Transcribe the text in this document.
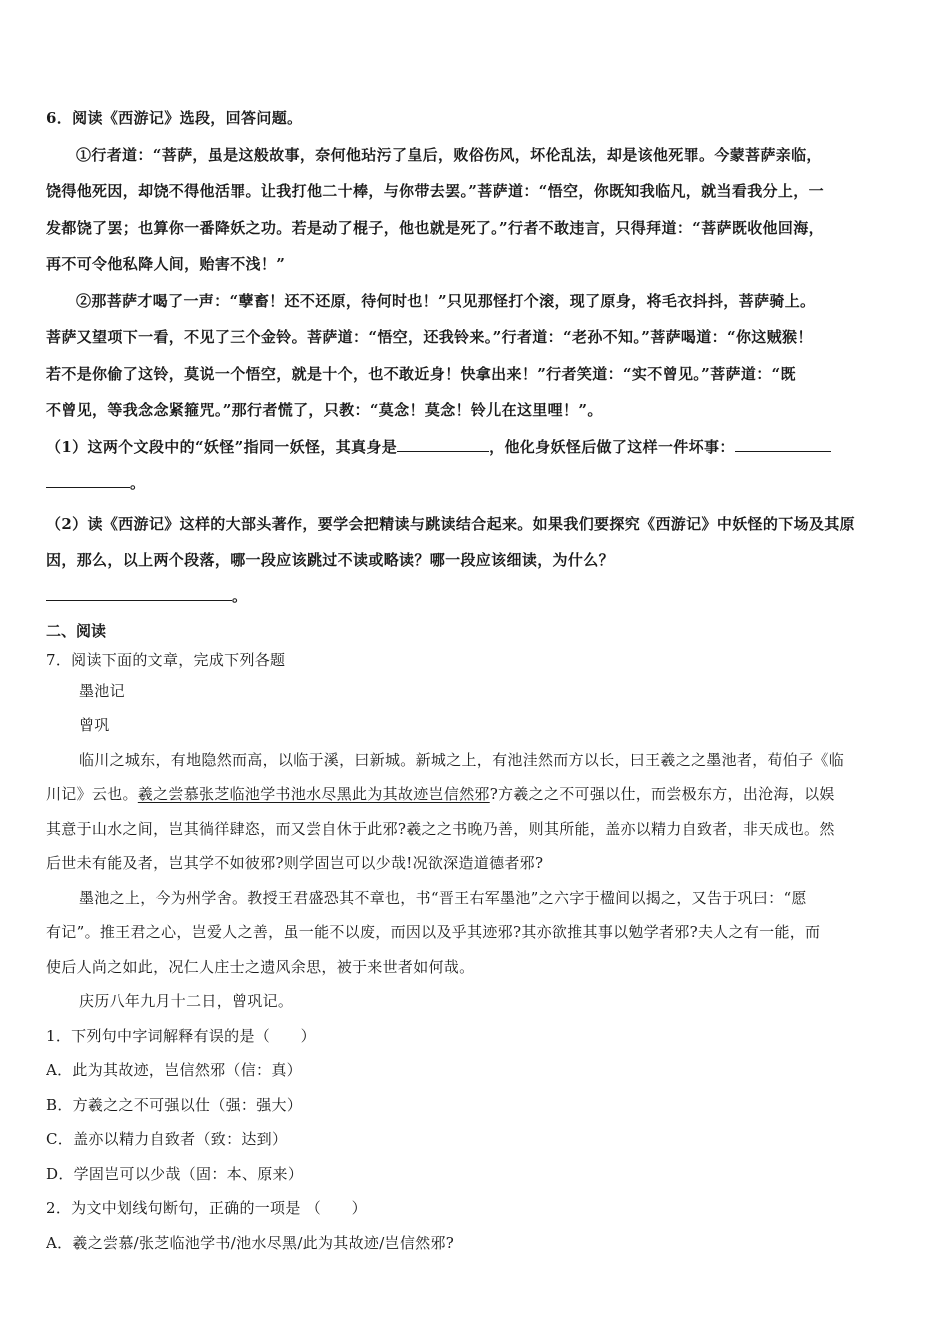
6．阅读《西游记》选段，回答问题。
①行者道：“菩萨，虽是这般故事，奈何他玷污了皇后，败俗伤风，坏伦乱法，却是该他死罪。今蒙菩萨亲临，
饶得他死因，却饶不得他活罪。让我打他二十棒，与你带去罢。”菩萨道：“悟空，你既知我临凡，就当看我分上，一
发都饶了罢；也算你一番降妖之功。若是动了棍子，他也就是死了。”行者不敢违言，只得拜道：“菩萨既收他回海，
再不可令他私降人间，贻害不浅！”
②那菩萨才喝了一声：“孽畜！还不还原，待何时也！”只见那怪打个滚，现了原身，将毛衣抖抖，菩萨骑上。
菩萨又望项下一看，不见了三个金铃。菩萨道：“悟空，还我铃来。”行者道：“老孙不知。”菩萨喝道：“你这贼猴！
若不是你偷了这铃，莫说一个悟空，就是十个，也不敢近身！快拿出来！”行者笑道：“实不曾见。”菩萨道：“既
不曾见，等我念念紧箍咒。”那行者慌了，只教：“莫念！莫念！铃儿在这里哩！”。
（1）这两个文段中的“妖怪”指同一妖怪，其真身是	，他化身妖怪后做了这样一件坏事：
。
（2）读《西游记》这样的大部头著作，要学会把精读与跳读结合起来。如果我们要探究《西游记》中妖怪的下场及其原
因，那么，以上两个段落，哪一段应该跳过不读或略读？哪一段应该细读，为什么？
。
二、阅读
7．阅读下面的文章，完成下列各题
墨池记
曾巩
临川之城东，有地隐然而高，以临于溪，曰新城。新城之上，有池洼然而方以长，曰王羲之之墨池者，荀伯子《临
川记》云也。羲之尝慕张芝临池学书池水尽黑此为其故迹岂信然邪?方羲之之不可强以仕，而尝极东方，出沧海，以娱
其意于山水之间，岂其徜徉肆恣，而又尝自休于此邪?羲之之书晚乃善，则其所能，盖亦以精力自致者，非天成也。然
后世未有能及者，岂其学不如彼邪?则学固岂可以少哉!况欲深造道德者邪?
墨池之上，今为州学舍。教授王君盛恐其不章也，书“晋王右军墨池”之六字于楹间以揭之，又告于巩曰：“愿
有记”。推王君之心，岂爱人之善，虽一能不以废，而因以及乎其迹邪?其亦欲推其事以勉学者邪?夫人之有一能，而
使后人尚之如此，况仁人庄士之遗风余思，被于来世者如何哉。
庆历八年九月十二日，曾巩记。
1．下列句中字词解释有误的是（　　）
A．此为其故迹，岂信然邪（信：真）
B．方羲之之不可强以仕（强：强大）
C．盖亦以精力自致者（致：达到）
D．学固岂可以少哉（固：本、原来）
2．为文中划线句断句，正确的一项是 （　　）
A．羲之尝慕/张芝临池学书/池水尽黑/此为其故迹/岂信然邪?
